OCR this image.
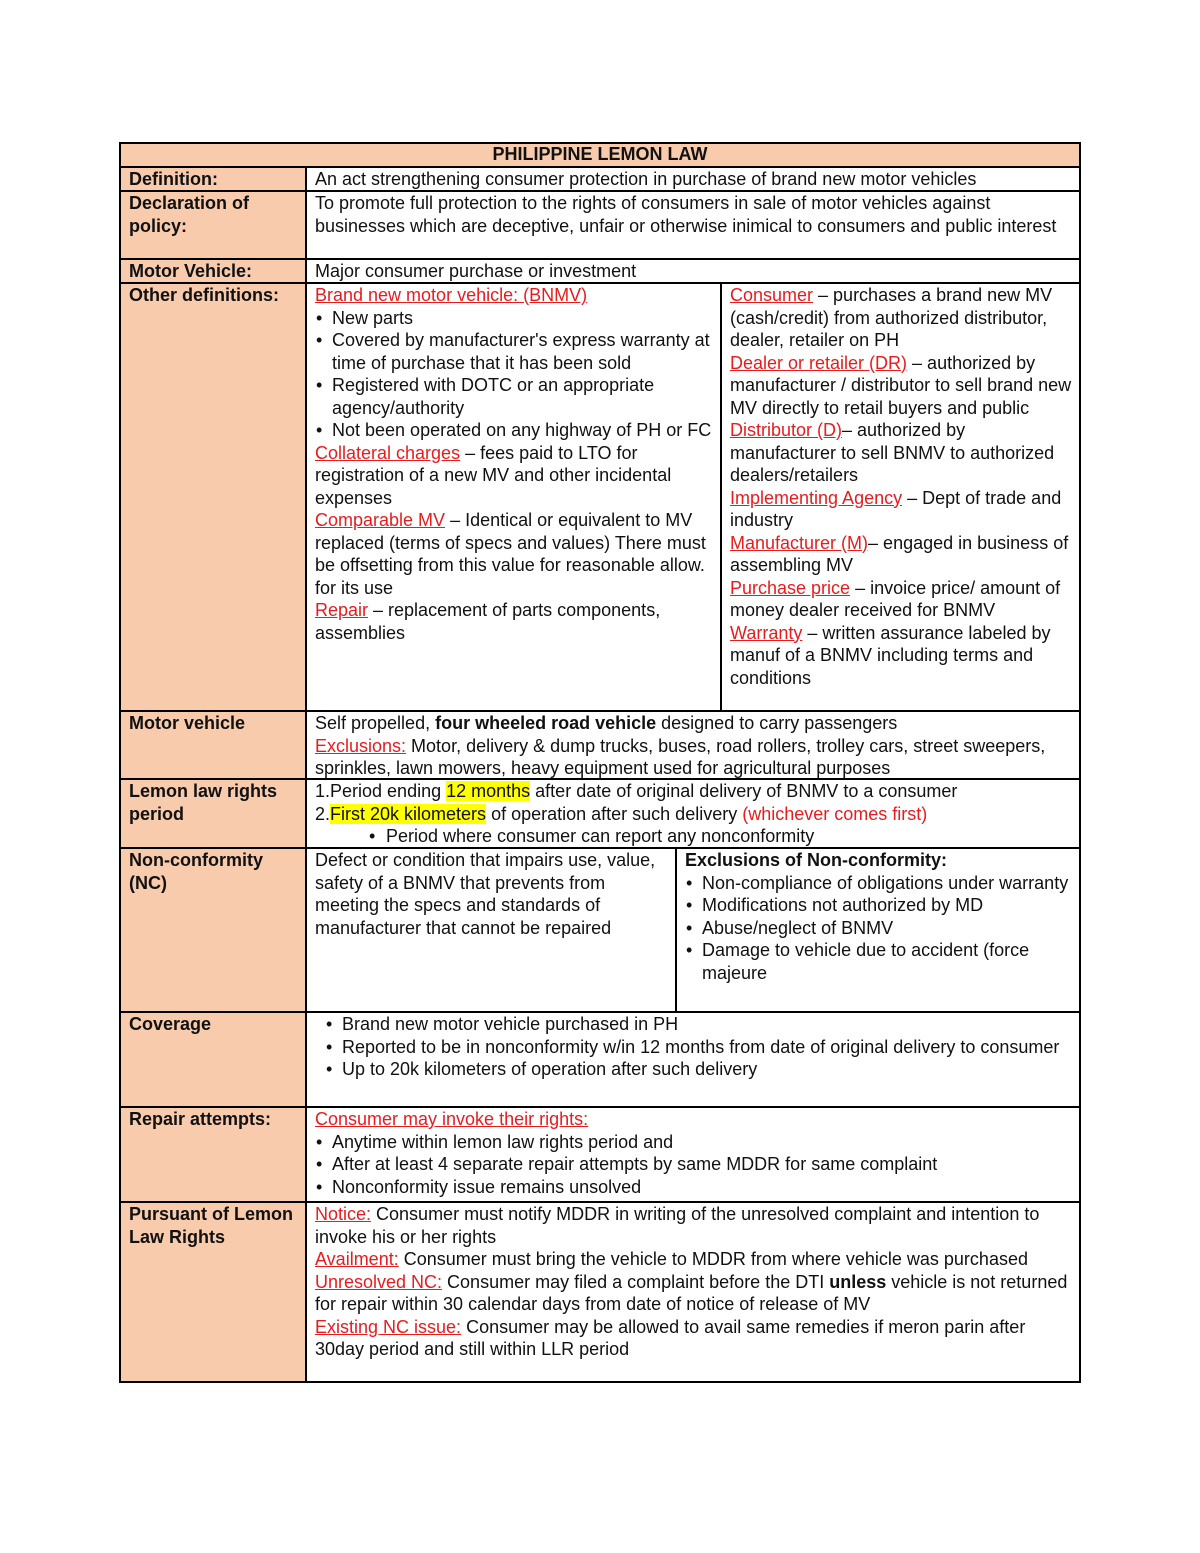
PHILIPPINE LEMON LAW
Definition:	An act strengthening consumer protection in purchase of brand new motor vehicles
Declaration of policy:
To promote full protection to the rights of consumers in sale of motor vehicles against businesses which are deceptive, unfair or otherwise inimical to consumers and public interest
Motor Vehicle:	Major consumer purchase or investment
Other definitions:	Brand new motor vehicle: (BNMV)
• New parts
• Covered by manufacturer's express warranty at time of purchase that it has been sold
• Registered with DOTC or an appropriate agency/authority
• Not been operated on any highway of PH or FC
Collateral charges – fees paid to LTO for registration of a new MV and other incidental expenses
Comparable MV – Identical or equivalent to MV replaced (terms of specs and values) There must be offsetting from this value for reasonable allow. for its use
Repair – replacement of parts components, assemblies
Consumer – purchases a brand new MV (cash/credit) from authorized distributor, dealer, retailer on PH
Dealer or retailer (DR) – authorized by manufacturer / distributor to sell brand new MV directly to retail buyers and public
Distributor (D)– authorized by manufacturer to sell BNMV to authorized dealers/retailers
Implementing Agency – Dept of trade and industry
Manufacturer (M)– engaged in business of assembling MV
Purchase price – invoice price/ amount of money dealer received for BNMV
Warranty – written assurance labeled by manuf of a BNMV including terms and conditions
Motor vehicle	Self propelled, four wheeled road vehicle designed to carry passengers
Exclusions: Motor, delivery & dump trucks, buses, road rollers, trolley cars, street sweepers, sprinkles, lawn mowers, heavy equipment used for agricultural purposes
Lemon law rights period
1.Period ending 12 months after date of original delivery of BNMV to a consumer
2.First 20k kilometers of operation after such delivery (whichever comes first)
• Period where consumer can report any nonconformity
Non-conformity (NC)
Defect or condition that impairs use, value, safety of a BNMV that prevents from meeting the specs and standards of manufacturer that cannot be repaired
Exclusions of Non-conformity:
• Non-compliance of obligations under warranty
• Modifications not authorized by MD
• Abuse/neglect of BNMV
• Damage to vehicle due to accident (force majeure
Coverage
•	Brand new motor vehicle purchased in PH
• Reported to be in nonconformity w/in 12 months from date of original delivery to consumer
• Up to 20k kilometers of operation after such delivery
Repair attempts:	Consumer may invoke their rights:
• Anytime within lemon law rights period and
• After at least 4 separate repair attempts by same MDDR for same complaint
• Nonconformity issue remains unsolved
Pursuant of Lemon Law Rights
Notice: Consumer must notify MDDR in writing of the unresolved complaint and intention to invoke his or her rights
Availment: Consumer must bring the vehicle to MDDR from where vehicle was purchased
Unresolved NC: Consumer may filed a complaint before the DTI unless vehicle is not returned for repair within 30 calendar days from date of notice of release of MV
Existing NC issue: Consumer may be allowed to avail same remedies if meron parin after 30day period and still within LLR period
